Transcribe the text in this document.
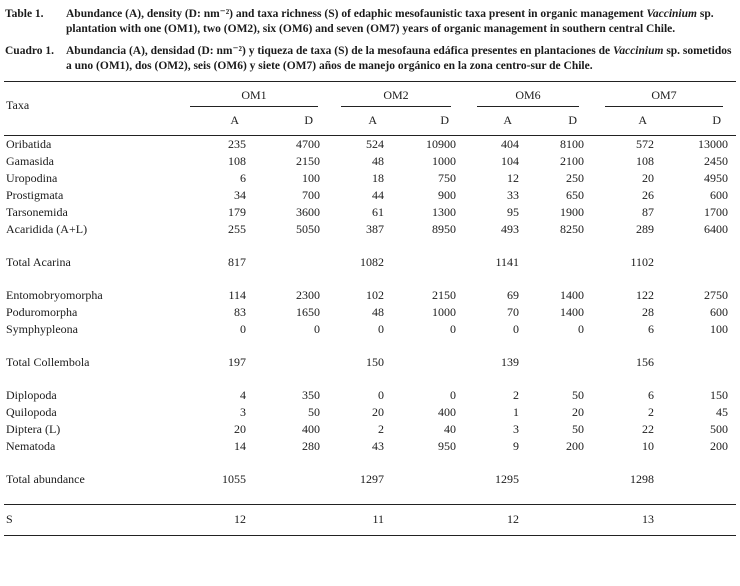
Table 1. Abundance (A), density (D: nm⁻²) and taxa richness (S) of edaphic mesofaunistic taxa present in organic management Vaccinium sp. plantation with one (OM1), two (OM2), six (OM6) and seven (OM7) years of organic management in southern central Chile.
Cuadro 1. Abundancia (A), densidad (D: nm⁻²) y tiqueza de taxa (S) de la mesofauna edáfica presentes en plantaciones de Vaccinium sp. sometidos a uno (OM1), dos (OM2), seis (OM6) y siete (OM7) años de manejo orgánico en la zona centro-sur de Chile.
Taxa	OM1		OM2		OM6		OM7	

	A	D	A	D	A	D	A	D
Oribatida	235	4700	524	10900	404	8100	572	13000
Gamasida	108	2150	48	1000	104	2100	108	2450
Uropodina	6	100	18	750	12	250	20	4950
Prostigmata	34	700	44	900	33	650	26	600
Tarsonemida	179	3600	61	1300	95	1900	87	1700
Acaridida (A+L)	255	5050	387	8950	493	8250	289	6400

Total Acarina	817		1082		1141		1102	

Entomobryomorpha	114	2300	102	2150	69	1400	122	2750
Poduromorpha	83	1650	48	1000	70	1400	28	600
Symphypleona	0	0	0	0	0	0	6	100

Total Collembola	197		150		139		156	

Diplopoda	4	350	0	0	2	50	6	150
Quilopoda	3	50	20	400	1	20	2	45
Diptera (L)	20	400	2	40	3	50	22	500
Nematoda	14	280	43	950	9	200	10	200

Total abundance	1055		1297		1295		1298	

S	12		11		12		13	
